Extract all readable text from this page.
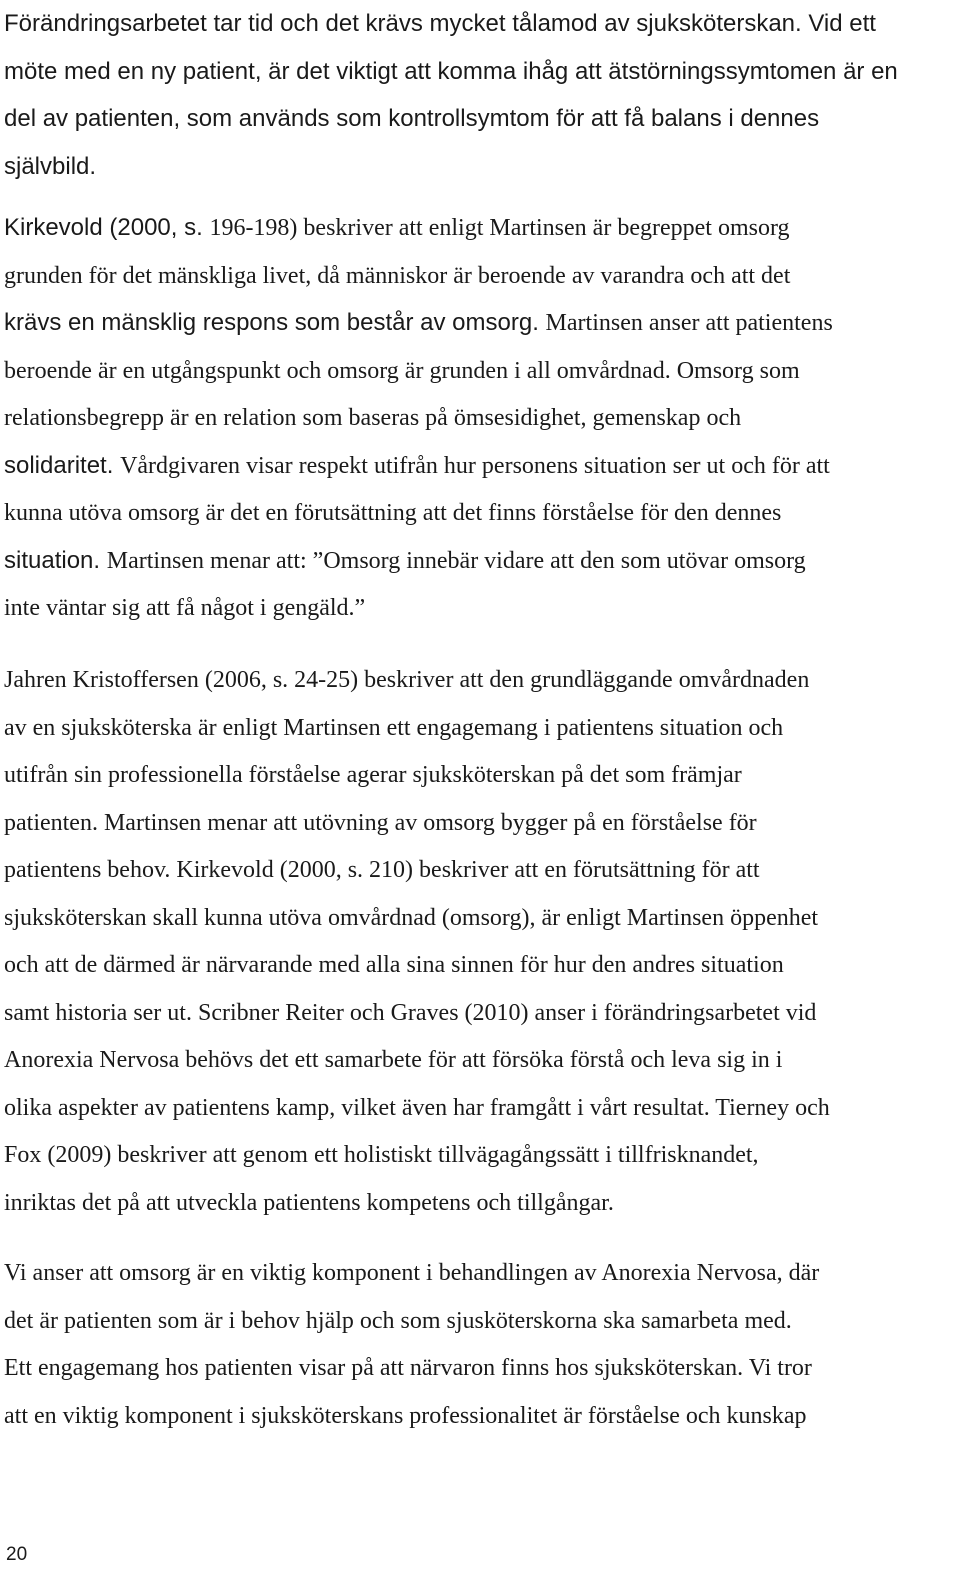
Förändringsarbetet tar tid och det krävs mycket tålamod av sjuksköterskan. Vid ett
möte med en ny patient, är det viktigt att komma ihåg att ätstörningssymtomen är en
del av patienten, som används som kontrollsymtom för att få balans i dennes
självbild.
Kirkevold (2000, s. 196-198) beskriver att enligt Martinsen är begreppet omsorg
grunden för det mänskliga livet, då människor är beroende av varandra och att det
krävs en mänsklig respons som består av omsorg. Martinsen anser att patientens
beroende är en utgångspunkt och omsorg är grunden i all omvårdnad. Omsorg som
relationsbegrepp är en relation som baseras på ömsesidighet, gemenskap och
solidaritet. Vårdgivaren visar respekt utifrån hur personens situation ser ut och för att
kunna utöva omsorg är det en förutsättning att det finns förståelse för den dennes
situation. Martinsen menar att: ”Omsorg innebär vidare att den som utövar omsorg
inte väntar sig att få något i gengäld.”
Jahren Kristoffersen (2006, s. 24-25) beskriver att den grundläggande omvårdnaden
av en sjuksköterska är enligt Martinsen ett engagemang i patientens situation och
utifrån sin professionella förståelse agerar sjuksköterskan på det som främjar
patienten. Martinsen menar att utövning av omsorg bygger på en förståelse för
patientens behov. Kirkevold (2000, s. 210) beskriver att en förutsättning för att
sjuksköterskan skall kunna utöva omvårdnad (omsorg), är enligt Martinsen öppenhet
och att de därmed är närvarande med alla sina sinnen för hur den andres situation
samt historia ser ut. Scribner Reiter och Graves (2010) anser i förändringsarbetet vid
Anorexia Nervosa behövs det ett samarbete för att försöka förstå och leva sig in i
olika aspekter av patientens kamp, vilket även har framgått i vårt resultat. Tierney och
Fox (2009) beskriver att genom ett holistiskt tillvägagångssätt i tillfrisknandet,
inriktas det på att utveckla patientens kompetens och tillgångar.
Vi anser att omsorg är en viktig komponent i behandlingen av Anorexia Nervosa, där
det är patienten som är i behov hjälp och som sjusköterskorna ska samarbeta med.
Ett engagemang hos patienten visar på att närvaron finns hos sjuksköterskan. Vi tror
att en viktig komponent i sjuksköterskans professionalitet är förståelse och kunskap
20
